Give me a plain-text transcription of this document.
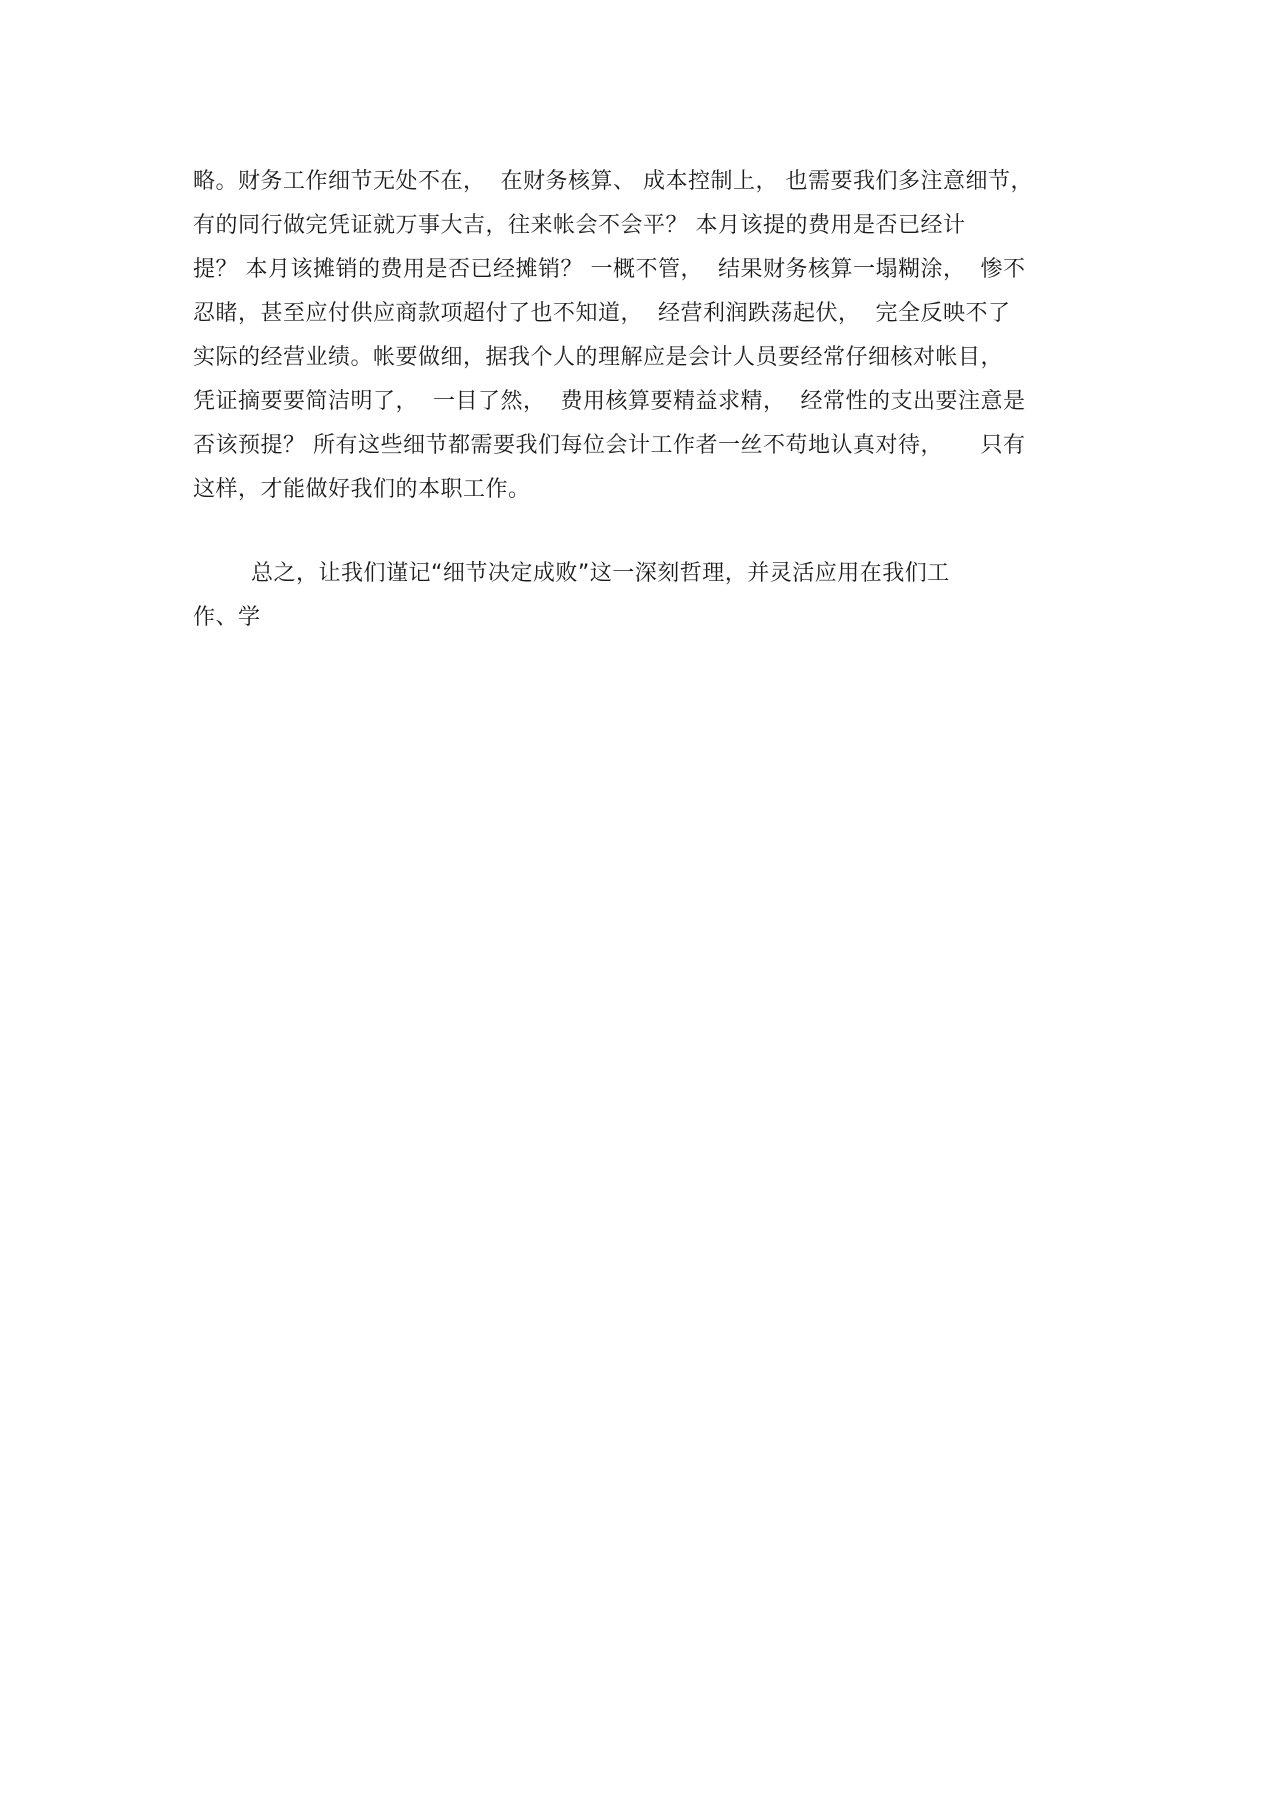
略。财务工作细节无处不在，  在财务核算、 成本控制上， 也需要我们多注意细节，
有的同行做完凭证就万事大吉，往来帐会不会平？ 本月该提的费用是否已经计
提？ 本月该摊销的费用是否已经摊销？ 一概不管，  结果财务核算一塌糊涂，  惨不
忍睹，甚至应付供应商款项超付了也不知道，  经营利润跌荡起伏，  完全反映不了
实际的经营业绩。帐要做细，据我个人的理解应是会计人员要经常仔细核对帐目，
凭证摘要要简洁明了，  一目了然，  费用核算要精益求精，  经常性的支出要注意是
否该预提？ 所有这些细节都需要我们每位会计工作者一丝不苟地认真对待，     只有
这样，才能做好我们的本职工作。
总之，让我们谨记“细节决定成败”这一深刻哲理，并灵活应用在我们工
作、学
